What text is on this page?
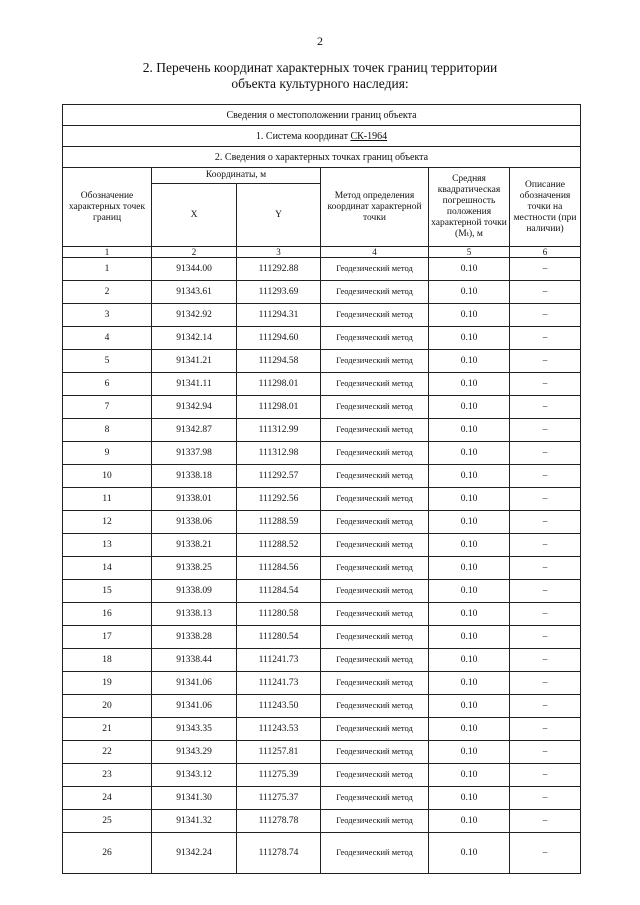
2
2. Перечень координат характерных точек границ территории
объекта культурного наследия:
Сведения о местоположении границ объекта					
1. Система координат СК-1964					
2. Сведения о характерных точках границ объекта					
Обозначение характерных точек границ	Координаты, м		Метод определения координат характерной точки	Средняя квадратическая погрешность положения характерной точки (Mₜ), м	Описание обозначения точки на местности (при наличии)
	X	Y			
1	2	3	4	5	6
1	91344.00	111292.88	Геодезический метод	0.10	–
2	91343.61	111293.69	Геодезический метод	0.10	–
3	91342.92	111294.31	Геодезический метод	0.10	–
4	91342.14	111294.60	Геодезический метод	0.10	–
5	91341.21	111294.58	Геодезический метод	0.10	–
6	91341.11	111298.01	Геодезический метод	0.10	–
7	91342.94	111298.01	Геодезический метод	0.10	–
8	91342.87	111312.99	Геодезический метод	0.10	–
9	91337.98	111312.98	Геодезический метод	0.10	–
10	91338.18	111292.57	Геодезический метод	0.10	–
11	91338.01	111292.56	Геодезический метод	0.10	–
12	91338.06	111288.59	Геодезический метод	0.10	–
13	91338.21	111288.52	Геодезический метод	0.10	–
14	91338.25	111284.56	Геодезический метод	0.10	–
15	91338.09	111284.54	Геодезический метод	0.10	–
16	91338.13	111280.58	Геодезический метод	0.10	–
17	91338.28	111280.54	Геодезический метод	0.10	–
18	91338.44	111241.73	Геодезический метод	0.10	–
19	91341.06	111241.73	Геодезический метод	0.10	–
20	91341.06	111243.50	Геодезический метод	0.10	–
21	91343.35	111243.53	Геодезический метод	0.10	–
22	91343.29	111257.81	Геодезический метод	0.10	–
23	91343.12	111275.39	Геодезический метод	0.10	–
24	91341.30	111275.37	Геодезический метод	0.10	–
25	91341.32	111278.78	Геодезический метод	0.10	–
26	91342.24	111278.74	Геодезический метод	0.10	–
